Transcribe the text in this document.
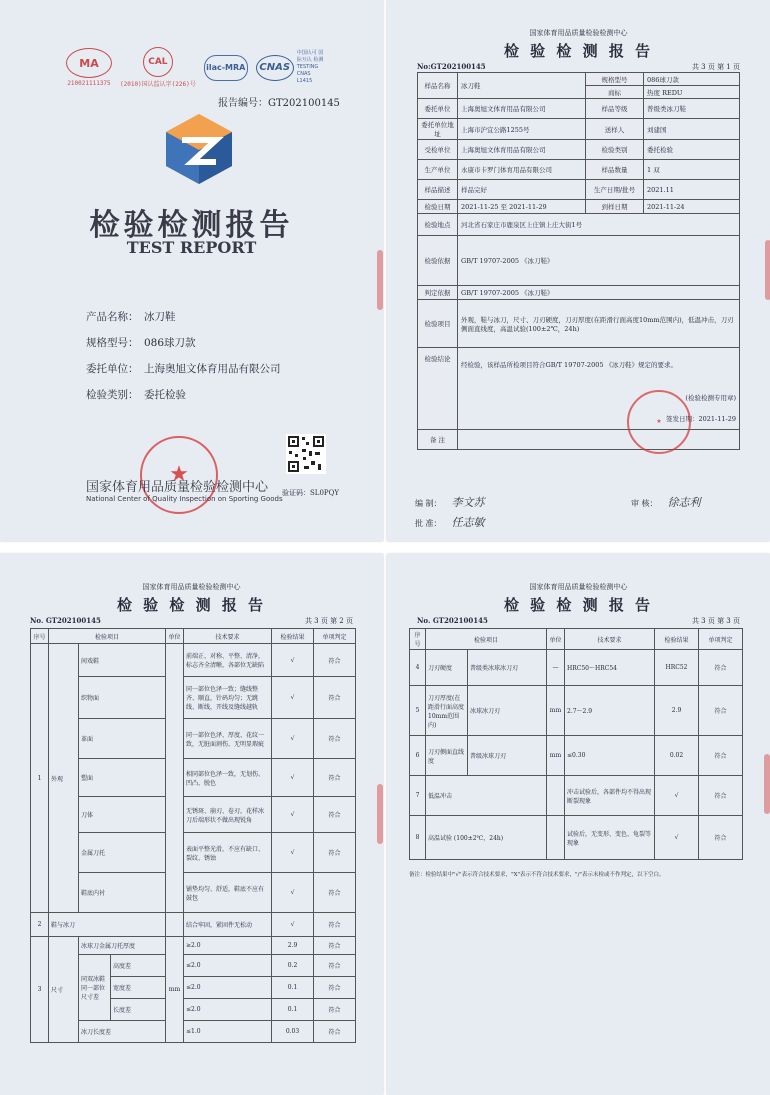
MA
210021111375
CAL
(2010)国认监认字(226)号
ilac-MRA	CNAS
中国认可 国际互认 检测 TESTING CNAS L1415
报告编号：GT202100145
检验检测报告
TEST REPORT
产品名称： 冰刀鞋
规格型号： 086球刀款
委托单位： 上海奥旭文体育用品有限公司
检验类别： 委托检验
★
国家体育用品质量检验检测中心
National Center of Quality Inspection on Sporting Goods
验证码：SL0PQY
国家体育用品质量检验检测中心
检 验 检 测 报 告
No:GT202100145	共 3 页 第 1 页
样品名称	冰刀鞋	规格型号	086球刀款
		商标	热度 REDU
委托单位	上海奥旭文体育用品有限公司	样品等级	普级类冰刀鞋
委托单位地址	上海市沪宜公路1255号	送样人	刘建国
受检单位	上海奥旭文体育用品有限公司	检验类别	委托检验
生产单位	永康市卡罗门体育用品有限公司	样品数量	1 双
样品描述	样品完好	生产日期/批号	2021.11
检验日期	2021-11-25 至 2021-11-29	到样日期	2021-11-24
检验地点	河北省石家庄市鹿泉区上庄镇上庄大街1号		
检验依据	GB/T 19707-2005 《冰刀鞋》		
判定依据	GB/T 19707-2005 《冰刀鞋》		
检验项目	外观，鞋与冰刀，尺寸、刀刃硬度，刀刃厚度(在距滑行面高度10mm范围内)，低温冲击，刀刃侧面直线度，高温试验(100±2℃，24h)		
检验结论	经检验，该样品所检项目符合GB/T 19707-2005 《冰刀鞋》规定的要求。
(检验检测专用章)
签发日期：2021-11-29		

备 注			
★
编 制： 李文苏	审 核： 徐志利
批 准： 任志敏
国家体育用品质量检验检测中心
检 验 检 测 报 告
No. GT202100145	共 3 页 第 2 页
序号	检验项目			单位	技术要求	检验结果	单项判定
1	外观	间戏鞋			前端正、对称、平整、清净，标志齐全清晰，各部位无缺陷	√	符合
		织物面			同一部位色泽一致；缝线整齐、顺直，针码均匀；无跳线、断线，开线及缝线越轨	√	符合
		革面			同一部位色泽、厚度、花纹一致，无脏面割伤、无明显瑕疵	√	符合
		塑面			相同部位色泽一致，无划伤、凹凸、脱色	√	符合
		刀体			无锈斑、崩刃、卷刃，花样冰刀后端形状不做出现锐角	√	符合
		金属刀托			表面平整光滑，不应有缺口、裂纹、锈蚀	√	符合
		鞋底内衬			铺垫均匀、舒适，鞋底不应有鼓包	√	符合
2	鞋与冰刀				结合牢固，紧固件无松动	√	符合
3	尺寸	冰球刀金属刀托厚度		mm	≥2.0	2.9	符合
		同双冰鞋同一部位尺寸差	高度差		≤2.0	0.2	符合
			宽度差		≤2.0	0.1	符合
			长度差		≤2.0	0.1	符合
		冰刀长度差			≤1.0	0.03	符合
国家体育用品质量检验检测中心
检 验 检 测 报 告
No. GT202100145	共 3 页 第 3 页
序号	检验项目		单位	技术要求	检验结果	单项判定
4	刀刃硬度	普级类冰球冰刀刃	—	HRC50～HRC54	HRC52	符合
5	刀刃厚度(在距滑行面高度10mm范围内)	冰球冰刀刃	mm	2.7～2.9	2.9	符合
6	刀刃侧面直线度	普级冰球刀刃	mm	≤0.30	0.02	符合
7	低温冲击			冲击试验后，各部件均不得出现断裂现象	√	符合
8	高温试验 (100±2℃，24h)			试验后，无变形、变色、龟裂等现象	√	符合
备注：检验结果中"√"表示符合技术要求，"X"表示不符合技术要求，"/"表示未检或不作判定，以下空白。
